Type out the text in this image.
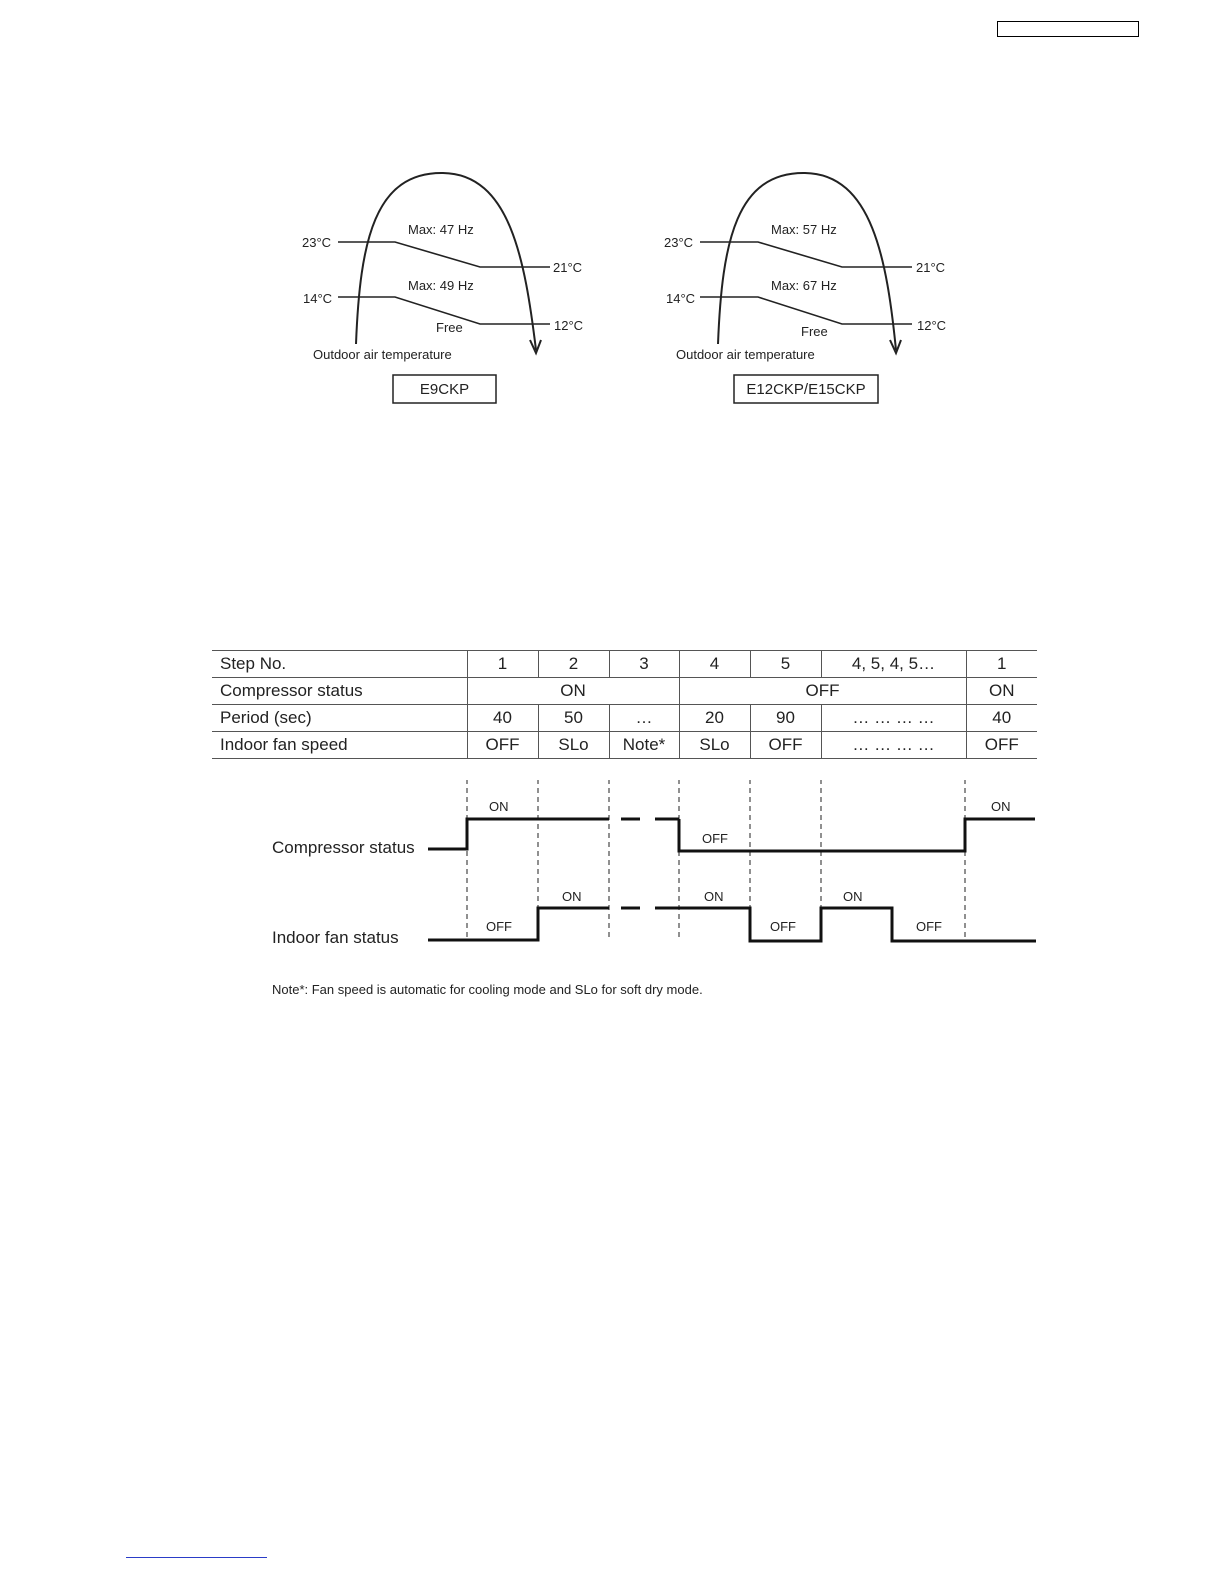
23°C
21°C
14°C
12°C
Max: 47 Hz
Max: 49 Hz
Free
Outdoor air temperature
E9CKP
23°C
21°C
14°C
12°C
Max: 57 Hz
Max: 67 Hz
Free
Outdoor air temperature
E12CKP/E15CKP
Step No.	1	2	3	4	5	4, 5, 4, 5…	1
Compressor status	ON			OFF			ON
Period (sec)	40	50	…	20	90	… … … …	40
Indoor fan speed	OFF	SLo	Note*	SLo	OFF	… … … …	OFF
Compressor status
Indoor fan status
ON
OFF
ON
OFF
ON	ON
OFF
ON
OFF
Note*: Fan speed is automatic for cooling mode and SLo for soft dry mode.
